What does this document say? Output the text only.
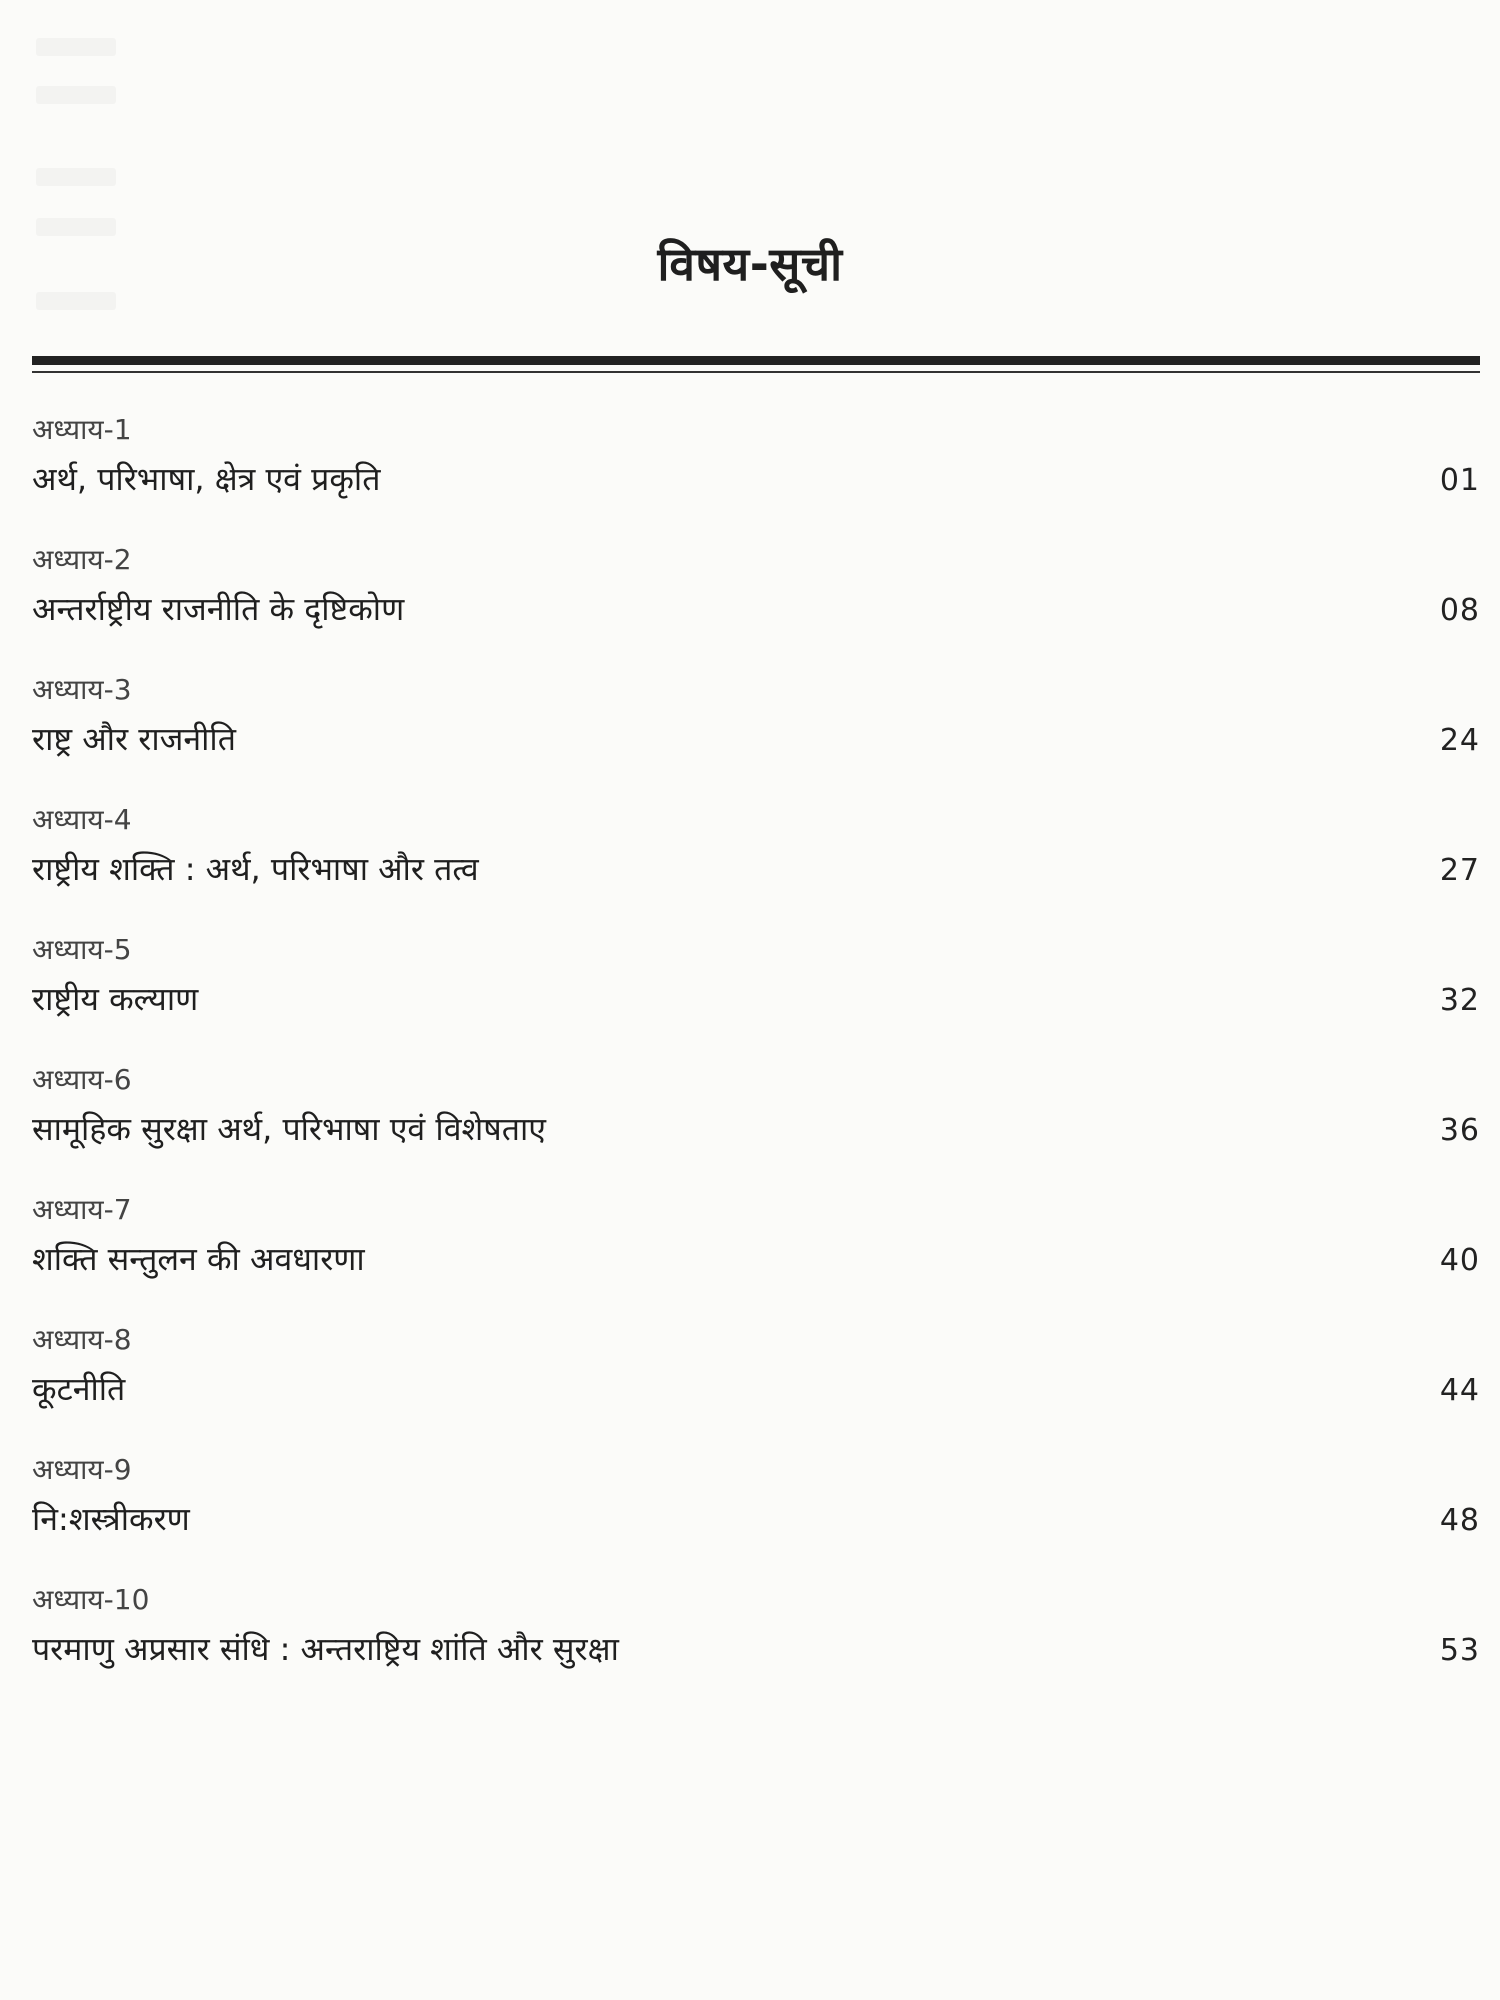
विषय-सूची
अध्याय-1
अर्थ, परिभाषा, क्षेत्र एवं प्रकृति	01
अध्याय-2
अन्तर्राष्ट्रीय राजनीति के दृष्टिकोण	08
अध्याय-3
राष्ट्र और राजनीति	24
अध्याय-4
राष्ट्रीय शक्ति : अर्थ, परिभाषा और तत्व	27
अध्याय-5
राष्ट्रीय कल्याण	32
अध्याय-6
सामूहिक सुरक्षा अर्थ, परिभाषा एवं विशेषताए	36
अध्याय-7
शक्ति सन्तुलन की अवधारणा	40
अध्याय-8
कूटनीति	44
अध्याय-9
नि:शस्त्रीकरण	48
अध्याय-10
परमाणु अप्रसार संधि : अन्तराष्ट्रिय शांति और सुरक्षा	53
